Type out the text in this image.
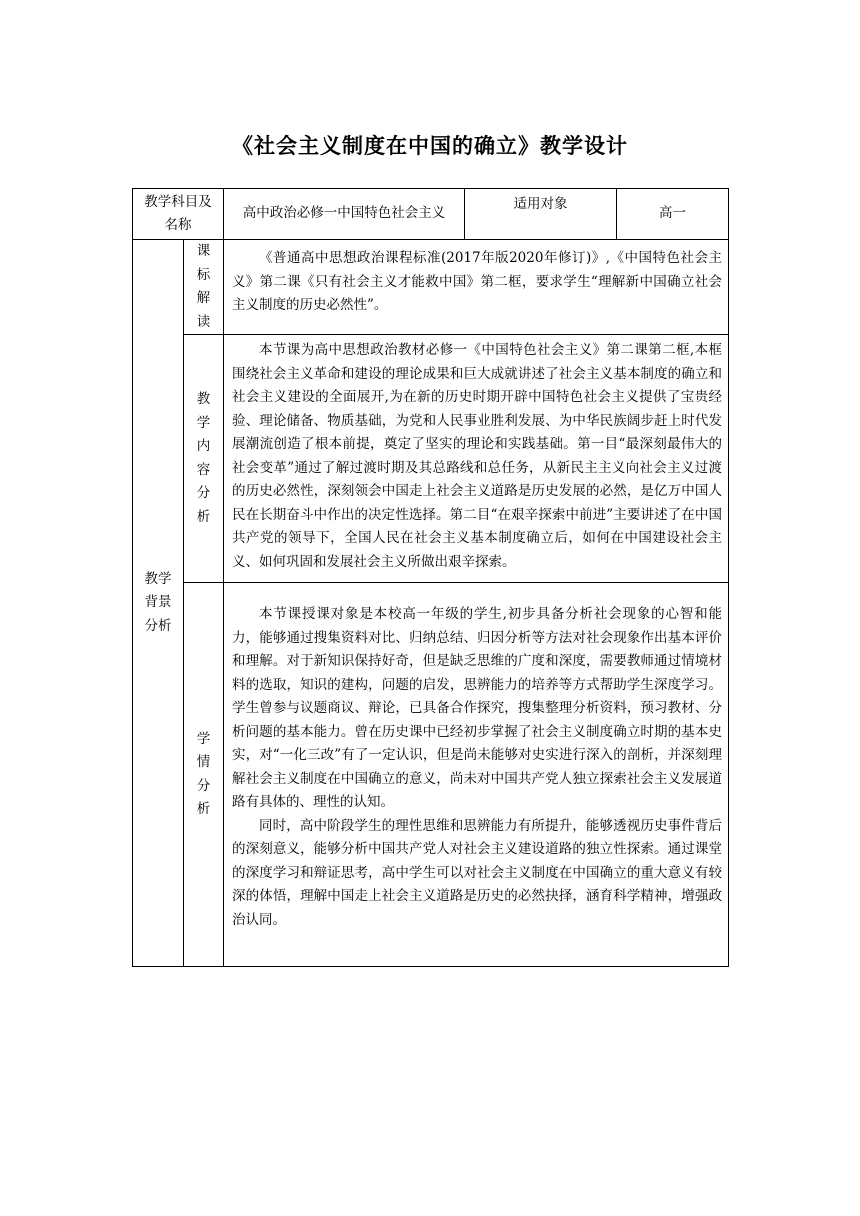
《社会主义制度在中国的确立》教学设计
教学科目及名称		高中政治必修一中国特色社会主义	适用对象	高一

教学背景分析	课标解读	《普通高中思想政治课程标准(2017年版2020年修订)》,《中国特色社会主义》第二课《只有社会主义才能救中国》第二框，要求学生“理解新中国确立社会主义制度的历史必然性”。		

	教学内容分析	本节课为高中思想政治教材必修一《中国特色社会主义》第二课第二框,本框围绕社会主义革命和建设的理论成果和巨大成就讲述了社会主义基本制度的确立和社会主义建设的全面展开,为在新的历史时期开辟中国特色社会主义提供了宝贵经验、理论储备、物质基础，为党和人民事业胜利发展、为中华民族阔步赶上时代发展潮流创造了根本前提，奠定了坚实的理论和实践基础。第一目“最深刻最伟大的社会变革”通过了解过渡时期及其总路线和总任务，从新民主主义向社会主义过渡的历史必然性，深刻领会中国走上社会主义道路是历史发展的必然，是亿万中国人民在长期奋斗中作出的决定性选择。第二目“在艰辛探索中前进”主要讲述了在中国共产党的领导下，全国人民在社会主义基本制度确立后，如何在中国建设社会主义、如何巩固和发展社会主义所做出艰辛探索。		

	学情分析	本节课授课对象是本校高一年级的学生,初步具备分析社会现象的心智和能力，能够通过搜集资料对比、归纳总结、归因分析等方法对社会现象作出基本评价和理解。对于新知识保持好奇，但是缺乏思维的广度和深度，需要教师通过情境材料的选取，知识的建构，问题的启发，思辨能力的培养等方式帮助学生深度学习。学生曾参与议题商议、辩论，已具备合作探究，搜集整理分析资料，预习教材、分析问题的基本能力。曾在历史课中已经初步掌握了社会主义制度确立时期的基本史实，对“一化三改”有了一定认识，但是尚未能够对史实进行深入的剖析，并深刻理解社会主义制度在中国确立的意义，尚未对中国共产党人独立探索社会主义发展道路有具体的、理性的认知。

同时，高中阶段学生的理性思维和思辨能力有所提升，能够透视历史事件背后的深刻意义，能够分析中国共产党人对社会主义建设道路的独立性探索。通过课堂的深度学习和辩证思考，高中学生可以对社会主义制度在中国确立的重大意义有较深的体悟，理解中国走上社会主义道路是历史的必然抉择，涵育科学精神，增强政治认同。		
